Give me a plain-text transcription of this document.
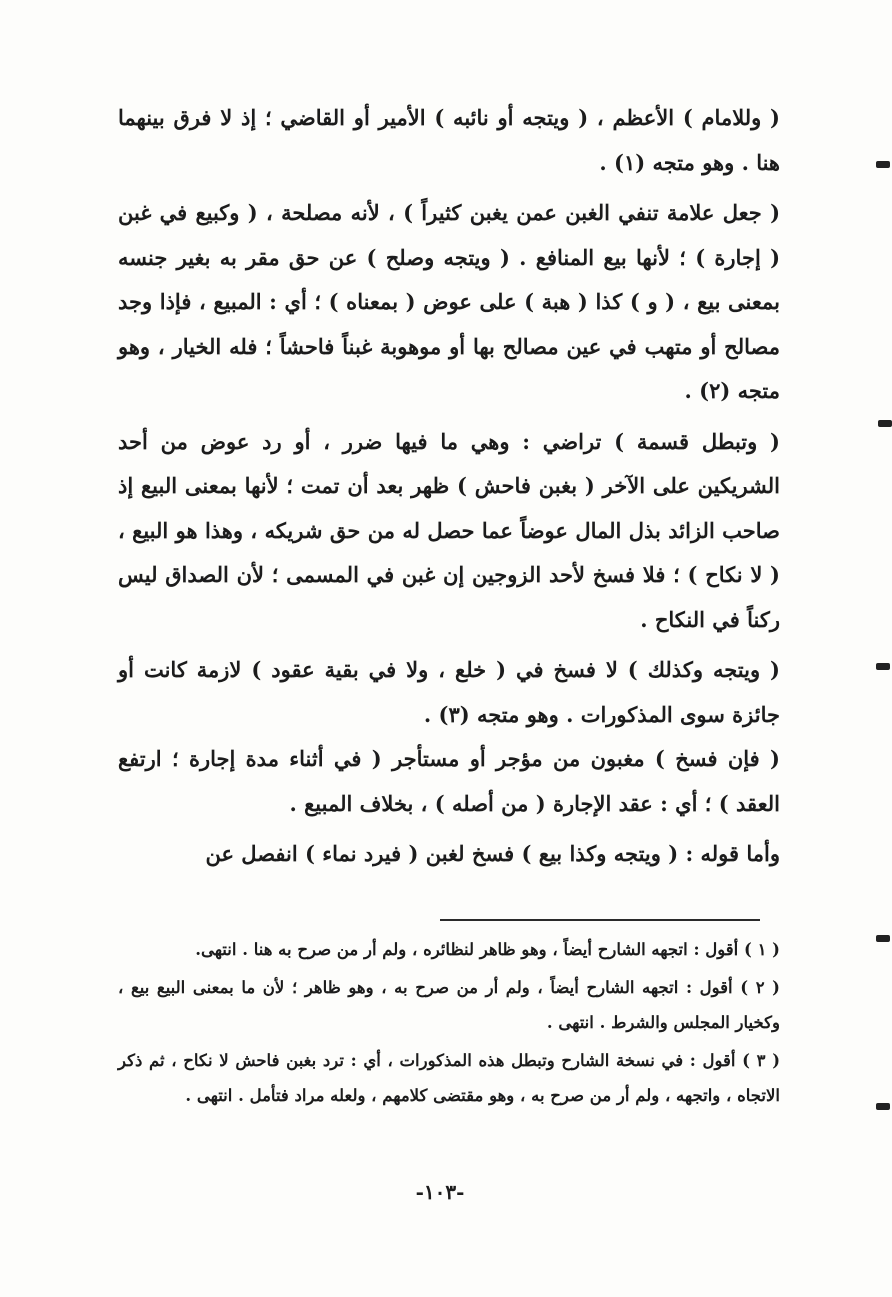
( وللامام ) الأعظم ، ( ويتجه أو نائبه ) الأمير أو القاضي ؛ إذ لا فرق بينهما هنا . وهو متجه (١) .

( جعل علامة تنفي الغبن عمن يغبن كثيراً ) ، لأنه مصلحة ، ( وكبيع في غبن ( إجارة ) ؛ لأنها بيع المنافع . ( ويتجه وصلح ) عن حق مقر به بغير جنسه بمعنى بيع ، ( و ) كذا ( هبة ) على عوض ( بمعناه ) ؛ أي : المبيع ، فإذا وجد مصالح أو متهب في عين مصالح بها أو موهوبة غبناً فاحشاً ؛ فله الخيار ، وهو متجه (٢) .

( وتبطل قسمة ) تراضي : وهي ما فيها ضرر ، أو رد عوض من أحد الشريكين على الآخر ( بغبن فاحش ) ظهر بعد أن تمت ؛ لأنها بمعنى البيع إذ صاحب الزائد بذل المال عوضاً عما حصل له من حق شريكه ، وهذا هو البيع ، ( لا نكاح ) ؛ فلا فسخ لأحد الزوجين إن غبن في المسمى ؛ لأن الصداق ليس ركناً في النكاح .

( ويتجه وكذلك ) لا فسخ في ( خلع ، ولا في بقية عقود ) لازمة كانت أو جائزة سوى المذكورات . وهو متجه (٣) .

( فإن فسخ ) مغبون من مؤجر أو مستأجر ( في أثناء مدة إجارة ؛ ارتفع العقد ) ؛ أي : عقد الإجارة ( من أصله ) ، بخلاف المبيع .

وأما قوله : ( ويتجه وكذا بيع ) فسخ لغبن ( فيرد نماء ) انفصل عن

( ١ ) أقول : اتجهه الشارح أيضاً ، وهو ظاهر لنظائره ، ولم أر من صرح به هنا . انتهى.

( ٢ ) أقول : اتجهه الشارح أيضاً ، ولم أر من صرح به ، وهو ظاهر ؛ لأن ما بمعنى البيع بيع ، وكخيار المجلس والشرط . انتهى .

( ٣ ) أقول : في نسخة الشارح وتبطل هذه المذكورات ، أي : ترد بغبن فاحش لا نكاح ، ثم ذكر الاتجاه ، واتجهه ، ولم أر من صرح به ، وهو مقتضى كلامهم ، ولعله مراد فتأمل . انتهى .

-١٠٣-
